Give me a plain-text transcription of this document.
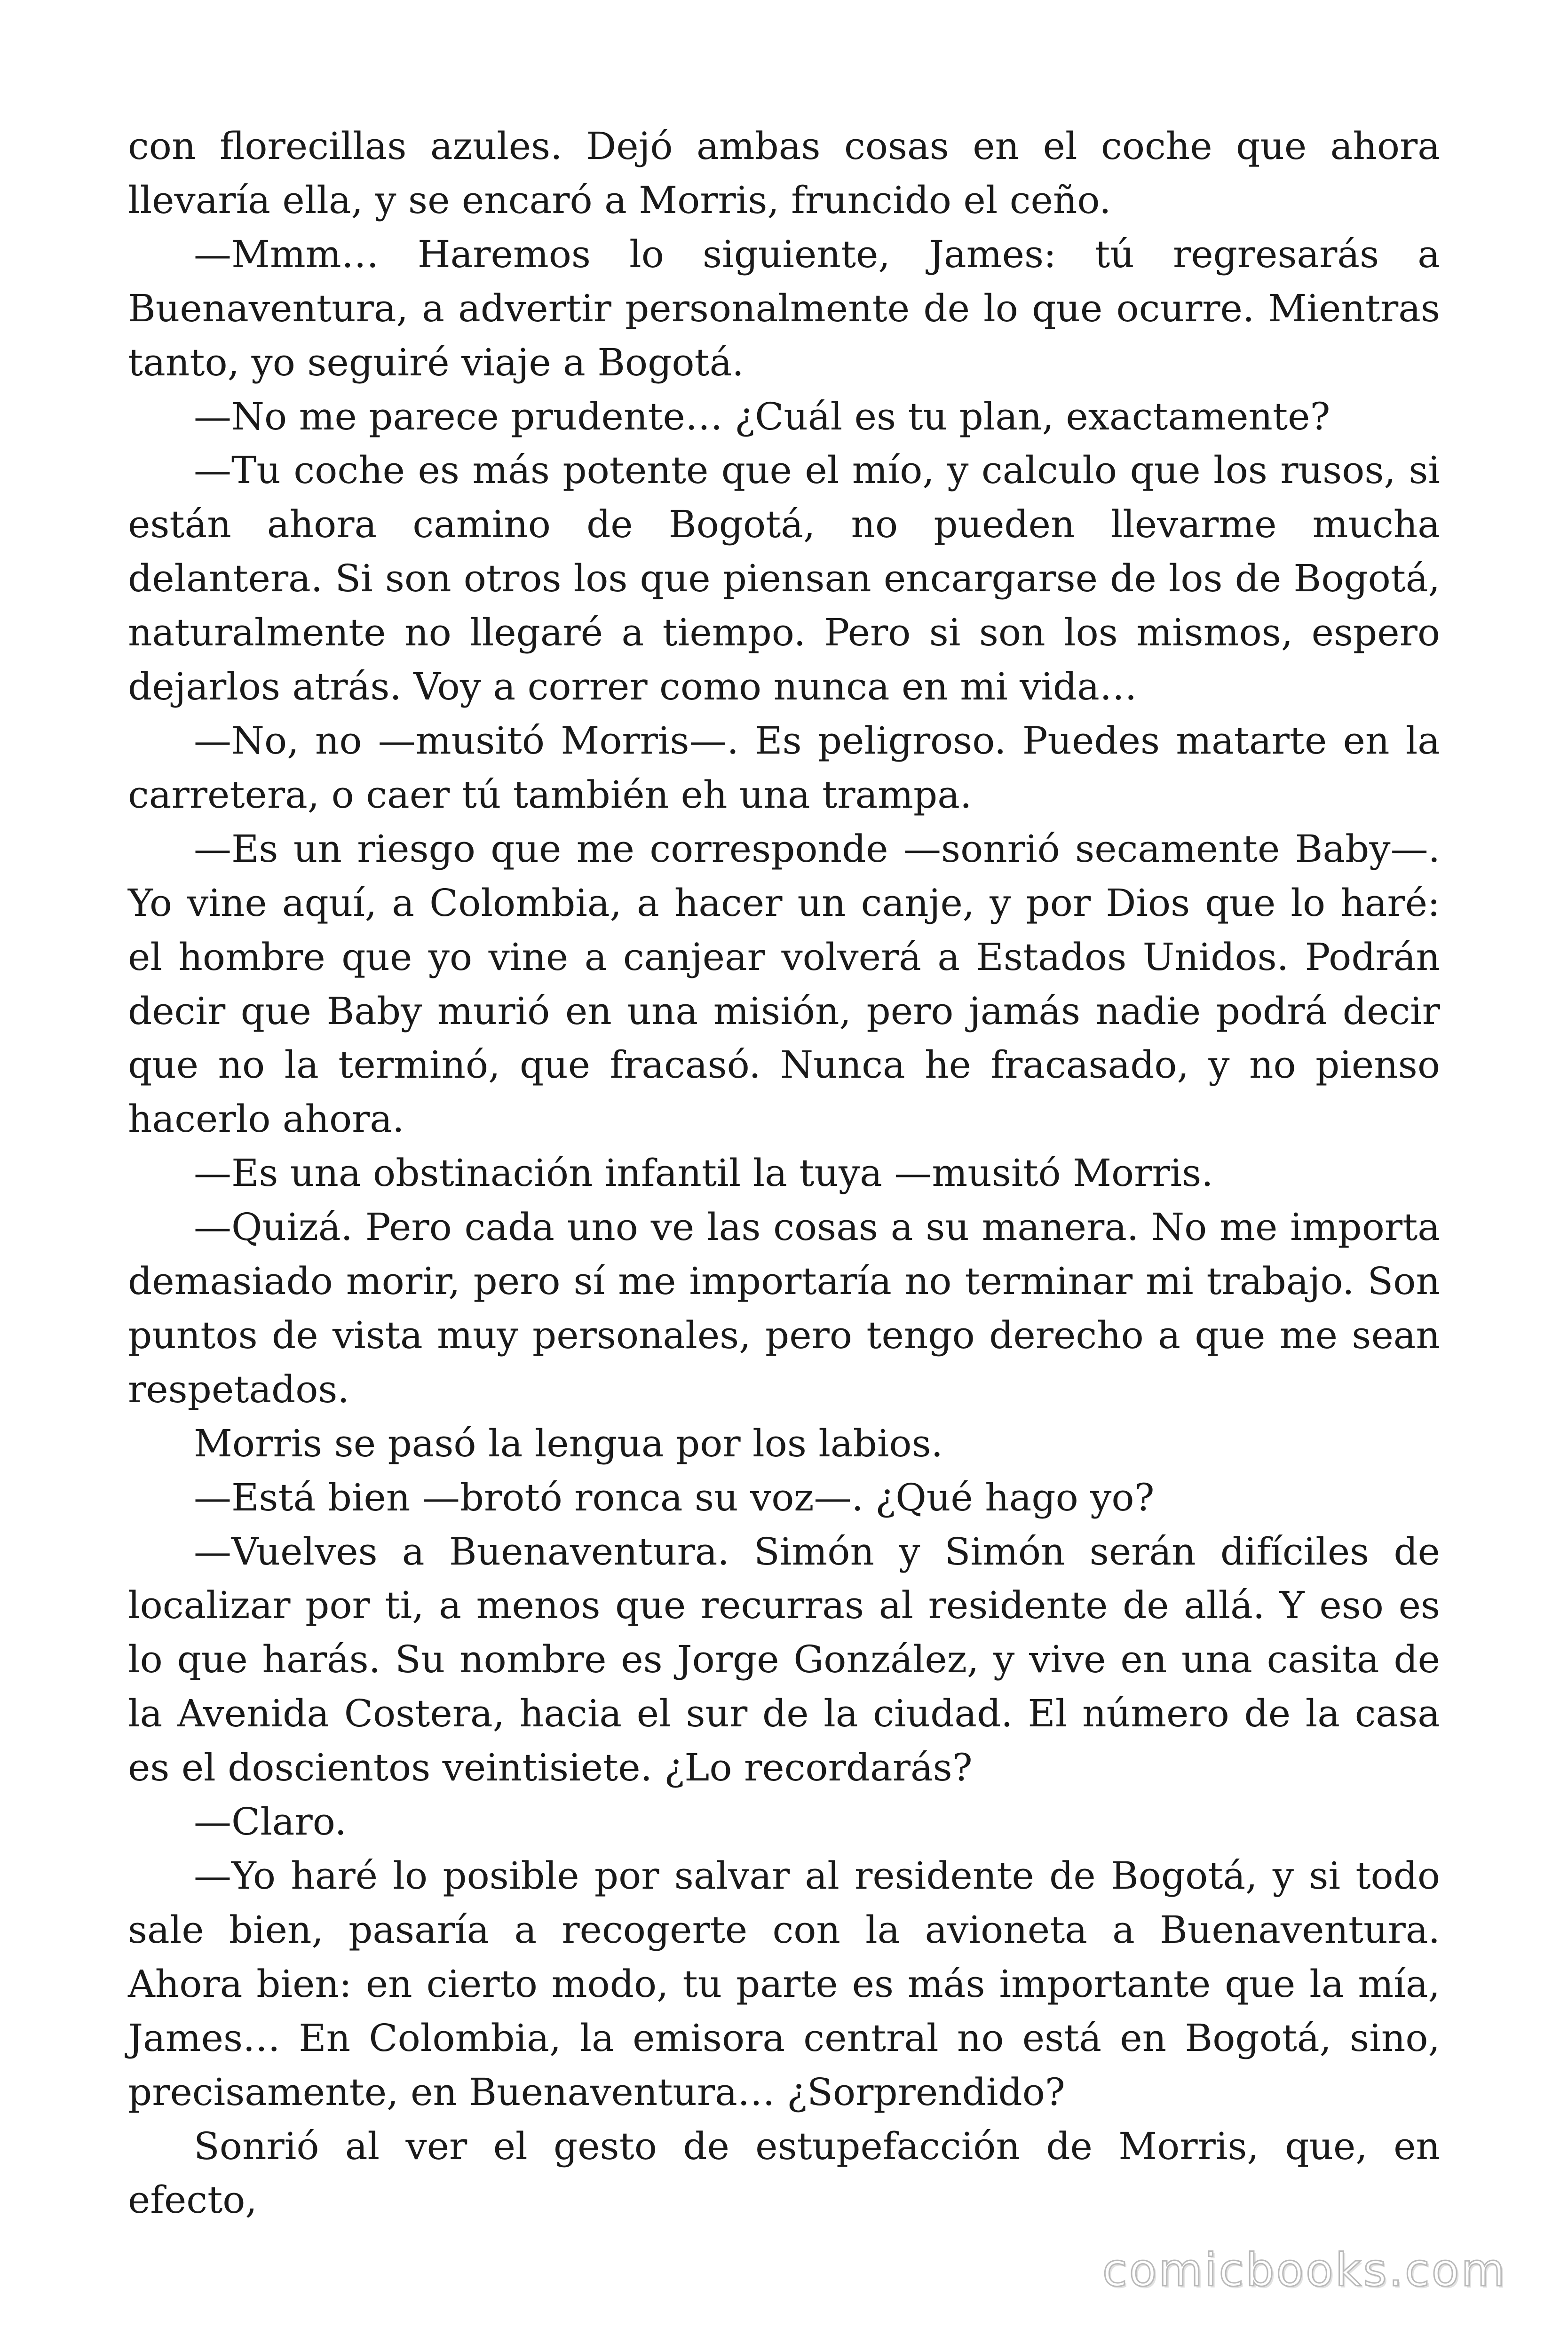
con florecillas azules. Dejó ambas cosas en el coche que ahora llevaría ella, y se encaró a Morris, fruncido el ceño.

—Mmm… Haremos lo siguiente, James: tú regresarás a Buenaventura, a advertir personalmente de lo que ocurre. Mientras tanto, yo seguiré viaje a Bogotá.

—No me parece prudente… ¿Cuál es tu plan, exactamente?

—Tu coche es más potente que el mío, y calculo que los rusos, si están ahora camino de Bogotá, no pueden llevarme mucha delantera. Si son otros los que piensan encargarse de los de Bogotá, naturalmente no llegaré a tiempo. Pero si son los mismos, espero dejarlos atrás. Voy a correr como nunca en mi vida…

—No, no —musitó Morris—. Es peligroso. Puedes matarte en la carretera, o caer tú también eh una trampa.

—Es un riesgo que me corresponde —sonrió secamente Baby—. Yo vine aquí, a Colombia, a hacer un canje, y por Dios que lo haré: el hombre que yo vine a canjear volverá a Estados Unidos. Podrán decir que Baby murió en una misión, pero jamás nadie podrá decir que no la terminó, que fracasó. Nunca he fracasado, y no pienso hacerlo ahora.

—Es una obstinación infantil la tuya —musitó Morris.

—Quizá. Pero cada uno ve las cosas a su manera. No me importa demasiado morir, pero sí me importaría no terminar mi trabajo. Son puntos de vista muy personales, pero tengo derecho a que me sean respetados.

Morris se pasó la lengua por los labios.

—Está bien —brotó ronca su voz—. ¿Qué hago yo?

—Vuelves a Buenaventura. Simón y Simón serán difíciles de localizar por ti, a menos que recurras al residente de allá. Y eso es lo que harás. Su nombre es Jorge González, y vive en una casita de la Avenida Costera, hacia el sur de la ciudad. El número de la casa es el doscientos veintisiete. ¿Lo recordarás?

—Claro.

—Yo haré lo posible por salvar al residente de Bogotá, y si todo sale bien, pasaría a recogerte con la avioneta a Buenaventura. Ahora bien: en cierto modo, tu parte es más importante que la mía, James… En Colombia, la emisora central no está en Bogotá, sino, precisamente, en Buenaventura… ¿Sorprendido?

Sonrió al ver el gesto de estupefacción de Morris, que, en efecto,

comicbooks.com
